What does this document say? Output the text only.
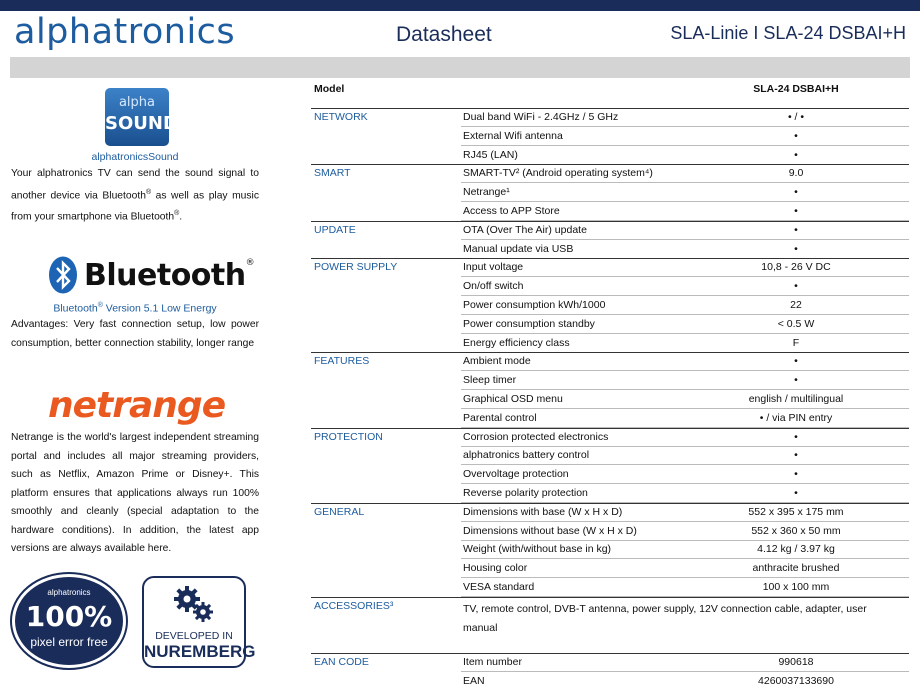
alphatronics	Datasheet	SLA-Linie I SLA-24 DSBAI+H
alpha
SOUND
alphatronicsSound
Your alphatronics TV can send the sound signal to another device via Bluetooth® as well as play music from your smartphone via Bluetooth®.
Bluetooth®
Bluetooth® Version 5.1 Low Energy
Advantages: Very fast connection setup, low power consumption, better connection stability, longer range
netrange
Netrange is the world's largest independent streaming portal and includes all major streaming providers, such as Netflix, Amazon Prime or Disney+. This platform ensures that applications always run 100% smoothly and cleanly (special adaptation to the hardware conditions). In addition, the latest app versions are always available here.
alphatronics
100%
pixel error free	DEVELOPED IN
NUREMBERG
Model	SLA-24 DSBAI+H
NETWORK	Dual band WiFi - 2.4GHz / 5 GHz	• / •
External Wifi antenna	•
RJ45 (LAN)	•
SMART	SMART-TV² (Android operating system⁴)	9.0
Netrange¹	•
Access to APP Store	•
UPDATE	OTA (Over The Air) update	•
Manual update via USB	•
POWER SUPPLY	Input voltage	10,8 - 26 V DC
On/off switch	•
Power consumption kWh/1000	22
Power consumption standby	< 0.5 W
Energy efficiency class	F
FEATURES	Ambient mode	•
Sleep timer	•
Graphical OSD menu	english / multilingual
Parental control	• / via PIN entry
PROTECTION	Corrosion protected electronics	•
alphatronics battery control	•
Overvoltage protection	•
Reverse polarity protection	•
GENERAL	Dimensions with base (W x H x D)	552 x 395 x 175 mm
Dimensions without base (W x H x D)	552 x 360 x 50 mm
Weight (with/without base in kg)	4.12 kg / 3.97 kg
Housing color	anthracite brushed
VESA standard	100 x 100 mm
ACCESSORIES³	TV, remote control, DVB-T antenna, power supply, 12V connection cable, adapter, user manual
EAN CODE	Item number	990618
EAN	4260037133690
